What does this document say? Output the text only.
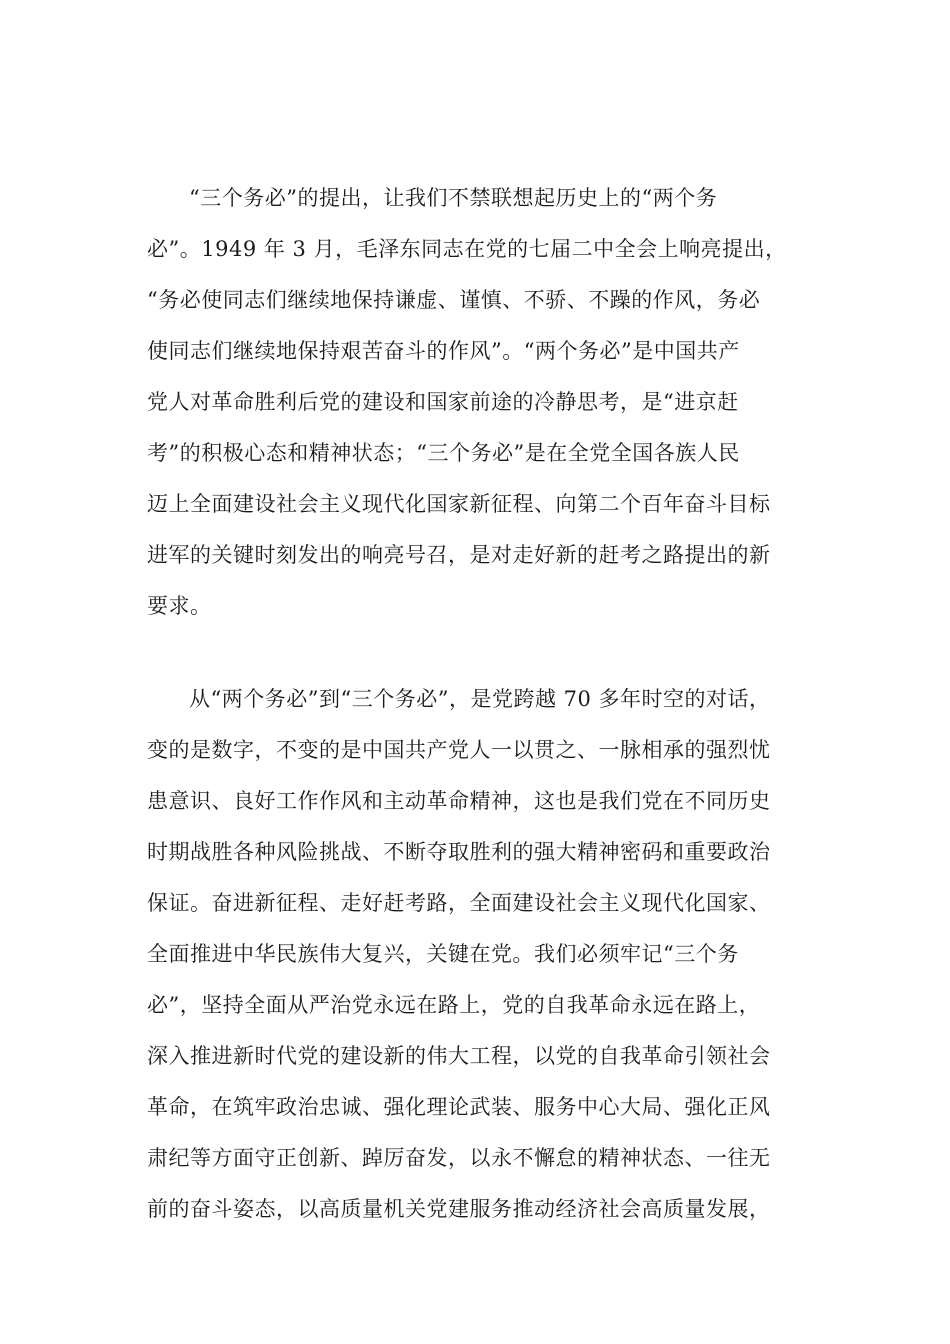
“三个务必”的提出，让我们不禁联想起历史上的“两个务
必”。1949 年 3 月，毛泽东同志在党的七届二中全会上响亮提出，
“务必使同志们继续地保持谦虚、谨慎、不骄、不躁的作风，务必
使同志们继续地保持艰苦奋斗的作风”。“两个务必”是中国共产
党人对革命胜利后党的建设和国家前途的冷静思考，是“进京赶
考”的积极心态和精神状态；“三个务必”是在全党全国各族人民
迈上全面建设社会主义现代化国家新征程、向第二个百年奋斗目标
进军的关键时刻发出的响亮号召，是对走好新的赶考之路提出的新
要求。
从“两个务必”到“三个务必”，是党跨越 70 多年时空的对话，
变的是数字，不变的是中国共产党人一以贯之、一脉相承的强烈忧
患意识、良好工作作风和主动革命精神，这也是我们党在不同历史
时期战胜各种风险挑战、不断夺取胜利的强大精神密码和重要政治
保证。奋进新征程、走好赶考路，全面建设社会主义现代化国家、
全面推进中华民族伟大复兴，关键在党。我们必须牢记“三个务
必”，坚持全面从严治党永远在路上，党的自我革命永远在路上，
深入推进新时代党的建设新的伟大工程，以党的自我革命引领社会
革命，在筑牢政治忠诚、强化理论武装、服务中心大局、强化正风
肃纪等方面守正创新、踔厉奋发，以永不懈怠的精神状态、一往无
前的奋斗姿态，以高质量机关党建服务推动经济社会高质量发展，
